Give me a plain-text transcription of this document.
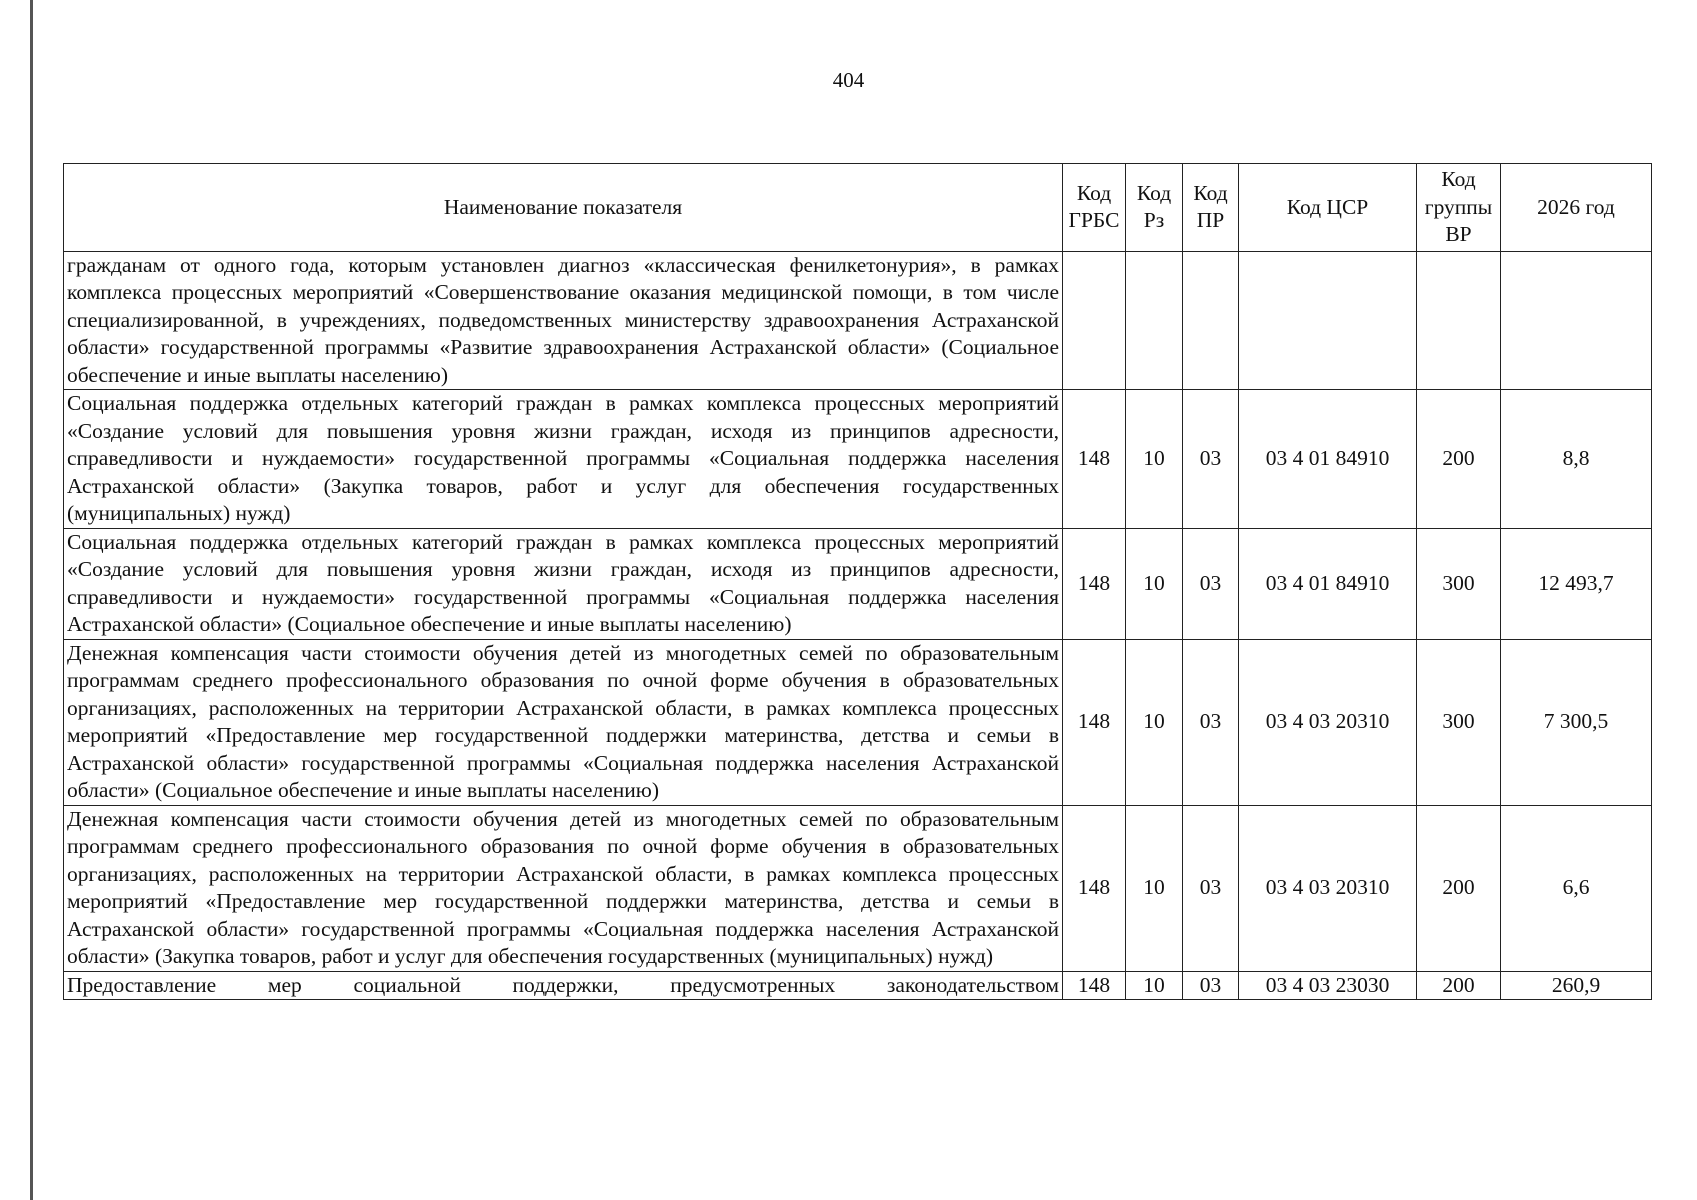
404
Наименование показателя	Код ГРБС	Код Рз	Код ПР	Код ЦСР	Код группы ВР	2026 год
гражданам от одного года, которым установлен диагноз «классическая фенилкетонурия», в рамках комплекса процессных мероприятий «Совершенствование оказания медицинской помощи, в том числе специализированной, в учреждениях, подведомственных министерству здравоохранения Астраханской области» государственной программы «Развитие здравоохранения Астраханской области» (Социальное обеспечение и иные выплаты населению)						
Социальная поддержка отдельных категорий граждан в рамках комплекса процессных мероприятий «Создание условий для повышения уровня жизни граждан, исходя из принципов адресности, справедливости и нуждаемости» государственной программы «Социальная поддержка населения Астраханской области» (Закупка товаров, работ и услуг для обеспечения государственных (муниципальных) нужд)	148	10	03	03 4 01 84910	200	8,8
Социальная поддержка отдельных категорий граждан в рамках комплекса процессных мероприятий «Создание условий для повышения уровня жизни граждан, исходя из принципов адресности, справедливости и нуждаемости» государственной программы «Социальная поддержка населения Астраханской области» (Социальное обеспечение и иные выплаты населению)	148	10	03	03 4 01 84910	300	12 493,7
Денежная компенсация части стоимости обучения детей из многодетных семей по образовательным программам среднего профессионального образования по очной форме обучения в образовательных организациях, расположенных на территории Астраханской области, в рамках комплекса процессных мероприятий «Предоставление мер государственной поддержки материнства, детства и семьи в Астраханской области» государственной программы «Социальная поддержка населения Астраханской области» (Социальное обеспечение и иные выплаты населению)	148	10	03	03 4 03 20310	300	7 300,5
Денежная компенсация части стоимости обучения детей из многодетных семей по образовательным программам среднего профессионального образования по очной форме обучения в образовательных организациях, расположенных на территории Астраханской области, в рамках комплекса процессных мероприятий «Предоставление мер государственной поддержки материнства, детства и семьи в Астраханской области» государственной программы «Социальная поддержка населения Астраханской области» (Закупка товаров, работ и услуг для обеспечения государственных (муниципальных) нужд)	148	10	03	03 4 03 20310	200	6,6
Предоставление мер социальной поддержки, предусмотренных законодательством	148	10	03	03 4 03 23030	200	260,9
